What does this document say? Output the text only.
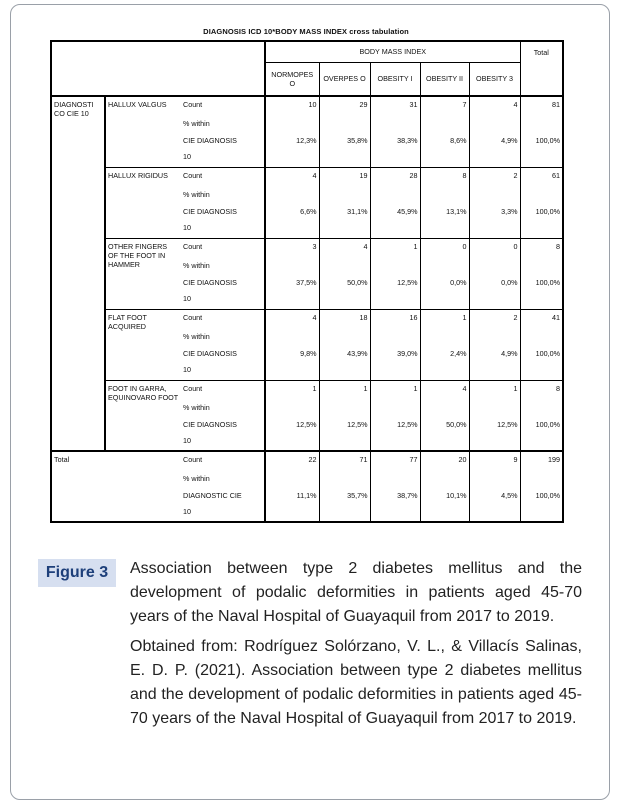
DIAGNOSIS ICD 10*BODY MASS INDEX cross tabulation
			BODY MASS INDEX					Total
			NORMOPES O	OVERPES O	OBESITY I	OBESITY II	OBESITY 3	
DIAGNOSTI CO CIE 10	HALLUX VALGUS	Count	10	29	31	7	4	81
		% within						
		CIE DIAGNOSIS	12,3%	35,8%	38,3%	8,6%	4,9%	100,0%
		10						
	HALLUX RIGIDUS	Count	4	19	28	8	2	61
		% within						
		CIE DIAGNOSIS	6,6%	31,1%	45,9%	13,1%	3,3%	100,0%
		10						
	OTHER FINGERS OF THE FOOT IN HAMMER	Count	3	4	1	0	0	8
		% within						
		CIE DIAGNOSIS	37,5%	50,0%	12,5%	0,0%	0,0%	100,0%
		10						
	FLAT FOOT ACQUIRED	Count	4	18	16	1	2	41
		% within						
		CIE DIAGNOSIS	9,8%	43,9%	39,0%	2,4%	4,9%	100,0%
		10						
	FOOT IN GARRA, EQUINOVARO FOOT	Count	1	1	1	4	1	8
		% within						
		CIE DIAGNOSIS	12,5%	12,5%	12,5%	50,0%	12,5%	100,0%
		10						
Total		Count	22	71	77	20	9	199
		% within						
		DIAGNOSTIC CIE	11,1%	35,7%	38,7%	10,1%	4,5%	100,0%
		10						
Figure 3	Association between type 2 diabetes mellitus and the development of podalic deformities in patients aged 45-70 years of the Naval Hospital of Guayaquil from 2017 to 2019.

Obtained from: Rodríguez Solórzano, V. L., & Villacís Salinas, E. D. P. (2021). Association between type 2 diabetes mellitus and the development of podalic deformities in patients aged 45-70 years of the Naval Hospital of Guayaquil from 2017 to 2019.
